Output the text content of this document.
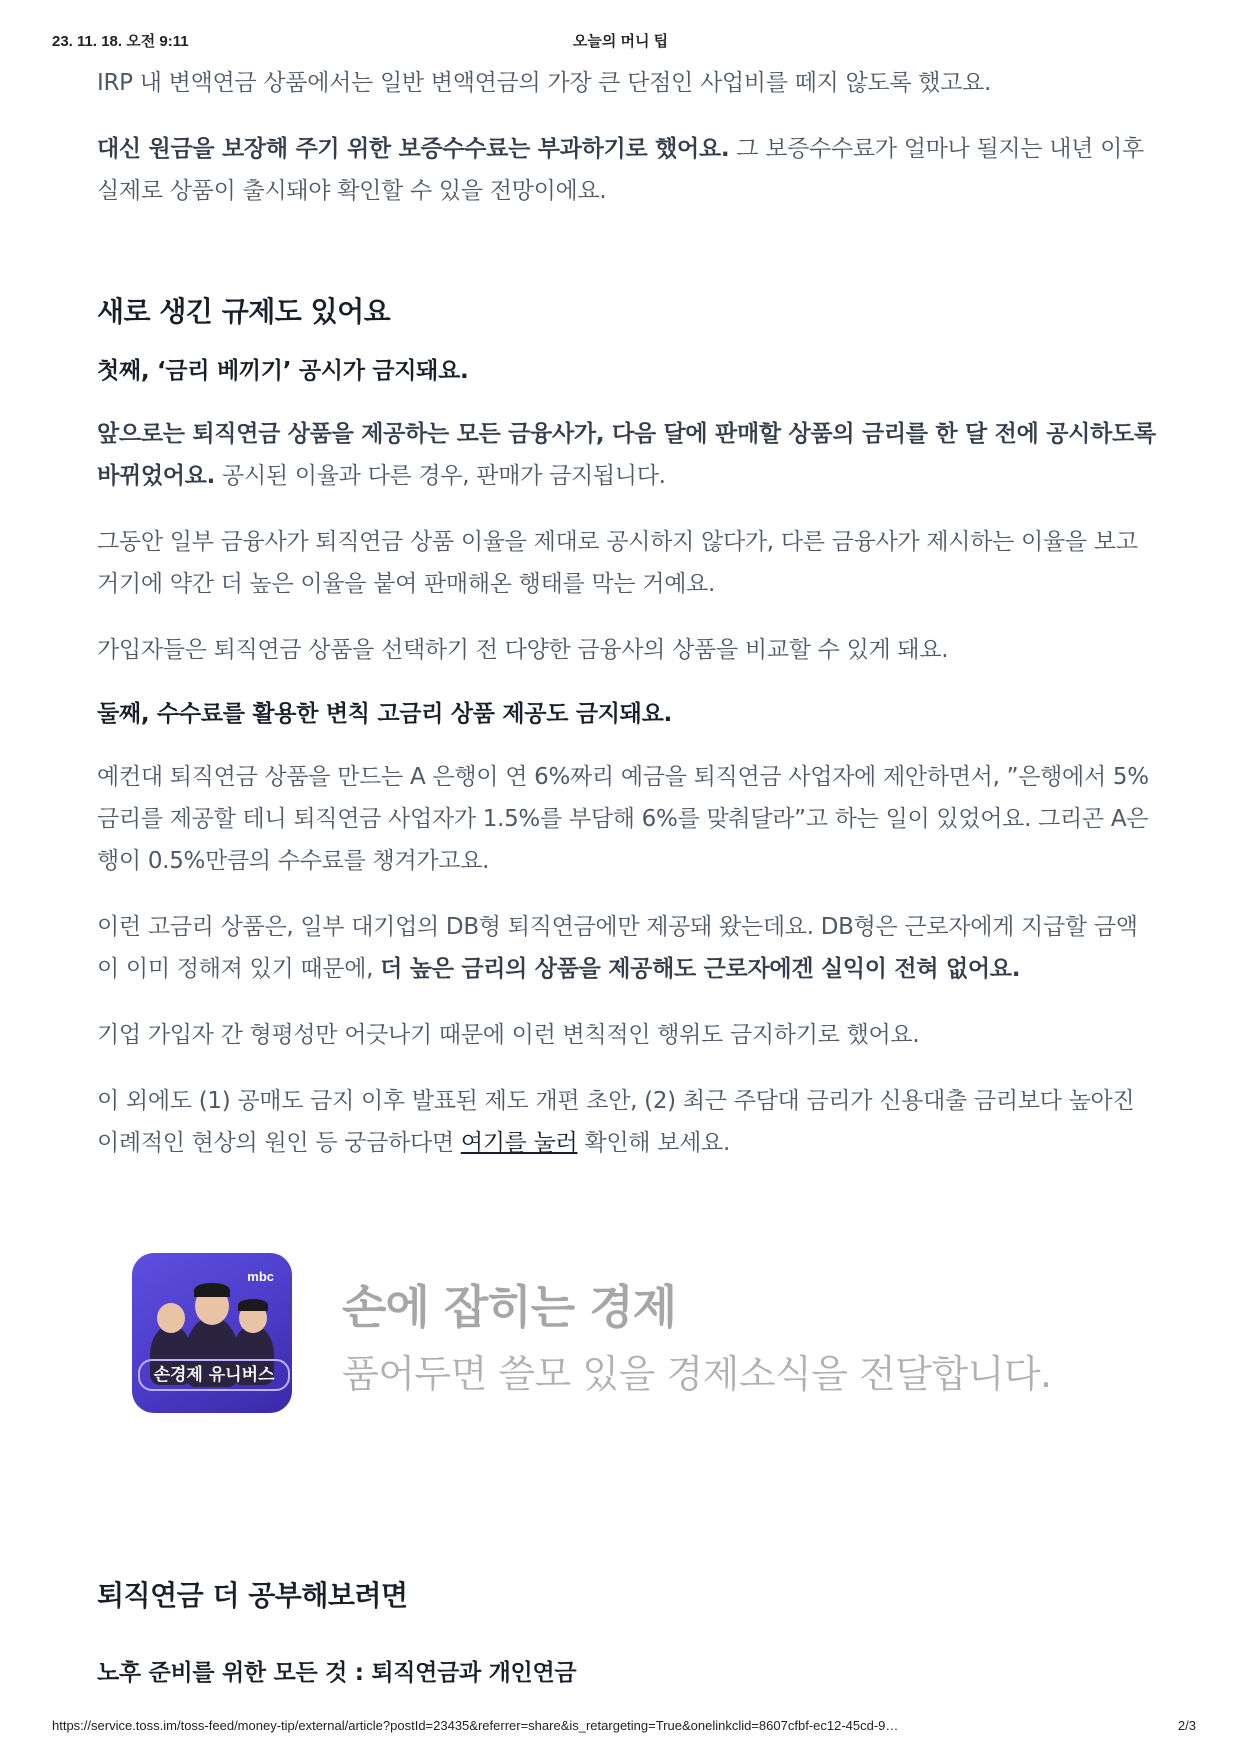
오늘의 머니 팁
23. 11. 18. 오전 9:11

IRP 내 변액연금 상품에서는 일반 변액연금의 가장 큰 단점인 사업비를 떼지 않도록 했고요.

대신 원금을 보장해 주기 위한 보증수수료는 부과하기로 했어요. 그 보증수수료가 얼마나 될지는 내년 이후 실제로 상품이 출시돼야 확인할 수 있을 전망이에요.

새로 생긴 규제도 있어요
첫째, ‘금리 베끼기’ 공시가 금지돼요.

앞으로는 퇴직연금 상품을 제공하는 모든 금융사가, 다음 달에 판매할 상품의 금리를 한 달 전에 공시하도록 바뀌었어요. 공시된 이율과 다른 경우, 판매가 금지됩니다.

그동안 일부 금융사가 퇴직연금 상품 이율을 제대로 공시하지 않다가, 다른 금융사가 제시하는 이율을 보고 거기에 약간 더 높은 이율을 붙여 판매해온 행태를 막는 거예요.

가입자들은 퇴직연금 상품을 선택하기 전 다양한 금융사의 상품을 비교할 수 있게 돼요.

둘째, 수수료를 활용한 변칙 고금리 상품 제공도 금지돼요.

예컨대 퇴직연금 상품을 만드는 A 은행이 연 6%짜리 예금을 퇴직연금 사업자에 제안하면서, ”은행에서 5% 금리를 제공할 테니 퇴직연금 사업자가 1.5%를 부담해 6%를 맞춰달라”고 하는 일이 있었어요. 그리곤 A은행이 0.5%만큼의 수수료를 챙겨가고요.

이런 고금리 상품은, 일부 대기업의 DB형 퇴직연금에만 제공돼 왔는데요. DB형은 근로자에게 지급할 금액이 이미 정해져 있기 때문에, 더 높은 금리의 상품을 제공해도 근로자에겐 실익이 전혀 없어요.

기업 가입자 간 형평성만 어긋나기 때문에 이런 변칙적인 행위도 금지하기로 했어요.

이 외에도 (1) 공매도 금지 이후 발표된 제도 개편 초안, (2) 최근 주담대 금리가 신용대출 금리보다 높아진 이례적인 현상의 원인 등 궁금하다면 여기를 눌러 확인해 보세요.

mbc
손경제 유니버스
손에 잡히는 경제
품어두면 쓸모 있을 경제소식을 전달합니다.
퇴직연금 더 공부해보려면
노후 준비를 위한 모든 것 : 퇴직연금과 개인연금
https://service.toss.im/toss-feed/money-tip/external/article?postId=23435&referrer=share&is_retargeting=True&onelinkclid=8607cfbf-ec12-45cd-9…	2/3
